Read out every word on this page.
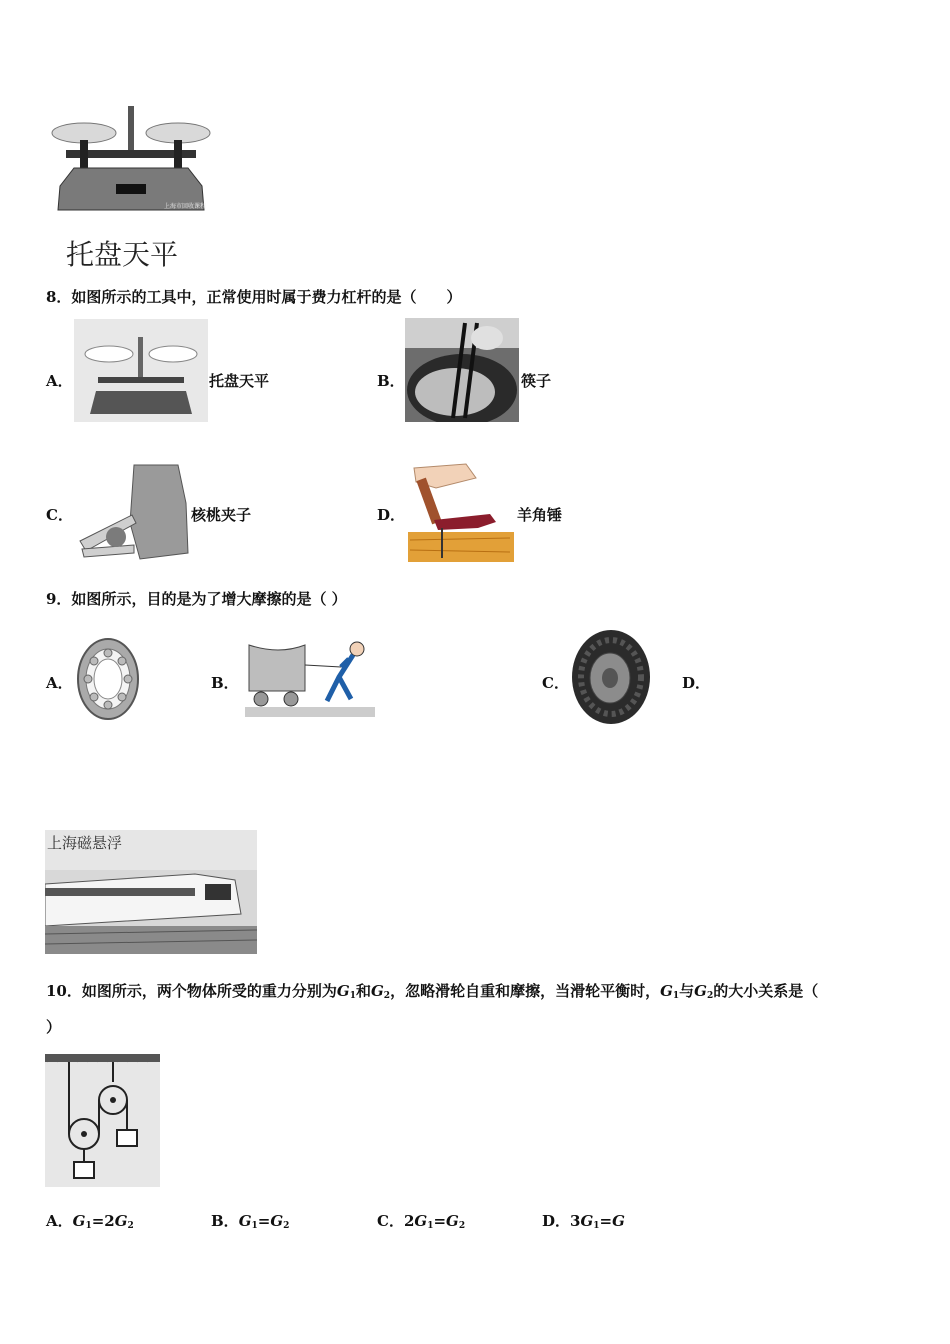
上海市回收课程
托盘天平
8．如图所示的工具中，正常使用时属于费力杠杆的是（　　）
A．	托盘天平	B．	筷子
C．	核桃夹子	D．	羊角锤
9．如图所示，目的是为了增大摩擦的是（ ）
A．	B．	C．	D．
上海磁悬浮
10．如图所示，两个物体所受的重力分别为$G_1$和$G_2$，忽略滑轮自重和摩擦，当滑轮平衡时，$G_1$与$G_2$的大小关系是（
）
A．$G_1=2G_2$	B．$G_1=G_2$	C．$2G_1=G_2$	D．$3G_1=G$
